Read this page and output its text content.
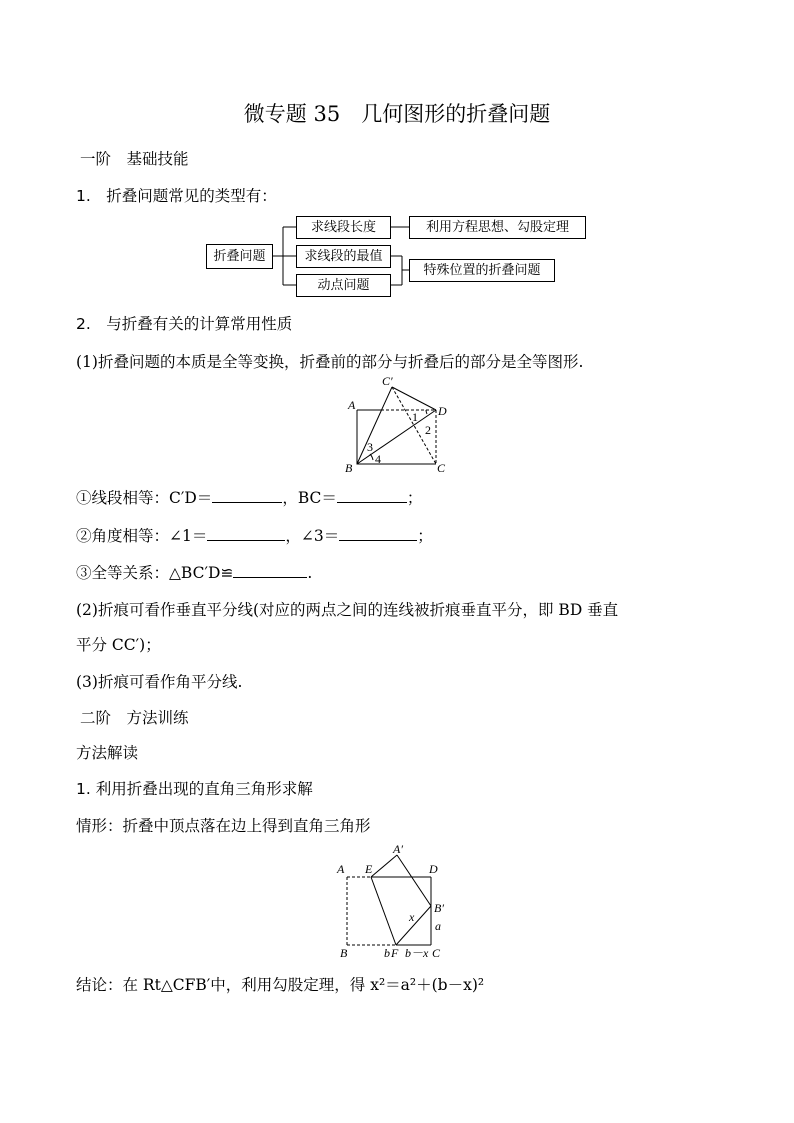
微专题 35　几何图形的折叠问题
一阶　基础技能
1.　折叠问题常见的类型有：
折叠问题
求线段长度
求线段的最值
动点问题
利用方程思想、勾股定理
特殊位置的折叠问题
2.　与折叠有关的计算常用性质
(1)折叠问题的本质是全等变换，折叠前的部分与折叠后的部分是全等图形.
C′
A	D
B	C
1
2
3
4
①线段相等：C′D＝	，BC＝	；
②角度相等：∠1＝	，∠3＝	；
③全等关系：△BC′D≌	.
(2)折痕可看作垂直平分线(对应的两点之间的连线被折痕垂直平分，即 BD 垂直
平分 CC′)；
(3)折痕可看作角平分线.
二阶　方法训练
方法解读
1. 利用折叠出现的直角三角形求解
情形：折叠中顶点落在边上得到直角三角形
A
A′
E	D
B′
x
a
B	b F b－x C
结论：在 Rt△CFB′中，利用勾股定理，得 x²＝a²＋(b－x)²
